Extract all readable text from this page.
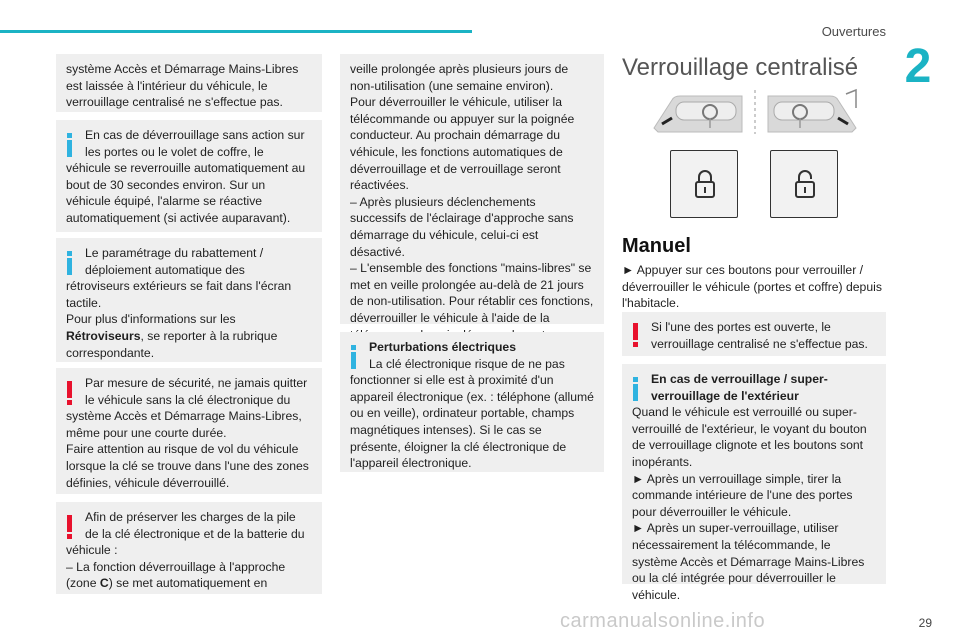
Ouvertures
2

système Accès et Démarrage Mains-Libres est laissée à l'intérieur du véhicule, le verrouillage centralisé ne s'effectue pas.

En cas de déverrouillage sans action sur les portes ou le volet de coffre, le

véhicule se reverrouille automatiquement au bout de 30 secondes environ. Sur un véhicule équipé, l'alarme se réactive automatiquement (si activée auparavant).

Le paramétrage du rabattement / déploiement automatique des

rétroviseurs extérieurs se fait dans l'écran tactile.

Pour plus d'informations sur les

Rétroviseurs, se reporter à la rubrique correspondante.

Par mesure de sécurité, ne jamais quitter le véhicule sans la clé électronique du

système Accès et Démarrage Mains-Libres, même pour une courte durée.

Faire attention au risque de vol du véhicule lorsque la clé se trouve dans l'une des zones définies, véhicule déverrouillé.

Afin de préserver les charges de la pile de la clé électronique et de la batterie du

véhicule :

– La fonction déverrouillage à l'approche (zone C) se met automatiquement en

veille prolongée après plusieurs jours de non-utilisation (une semaine environ).

Pour déverrouiller le véhicule, utiliser la télécommande ou appuyer sur la poignée conducteur. Au prochain démarrage du véhicule, les fonctions automatiques de déverrouillage et de verrouillage seront réactivées.

– Après plusieurs déclenchements successifs de l'éclairage d'approche sans démarrage du véhicule, celui-ci est désactivé.

– L'ensemble des fonctions "mains-libres" se met en veille prolongée au-delà de 21 jours de non-utilisation. Pour rétablir ces fonctions, déverrouiller le véhicule à l'aide de la

Perturbations électriques

La clé électronique risque de ne pas

fonctionner si elle est à proximité d'un appareil électronique (ex. : téléphone (allumé ou en veille), ordinateur portable, champs magnétiques intenses). Si le cas se présente, éloigner la clé électronique de l'appareil électronique.

Verrouillage centralisé
Manuel

► Appuyer sur ces boutons pour verrouiller / déverrouiller le véhicule (portes et coffre) depuis l'habitacle.

Si l'une des portes est ouverte, le

verrouillage centralisé ne s'effectue pas.

En cas de verrouillage / super-

verrouillage de l'extérieur

Quand le véhicule est verrouillé ou super-verrouillé de l'extérieur, le voyant du bouton de verrouillage clignote et les boutons sont inopérants.

► Après un verrouillage simple, tirer la commande intérieure de l'une des portes pour déverrouiller le véhicule.

► Après un super-verrouillage, utiliser nécessairement la télécommande, le système Accès et Démarrage Mains-Libres ou la clé intégrée pour déverrouiller le véhicule.

carmanualsonline.info	29
